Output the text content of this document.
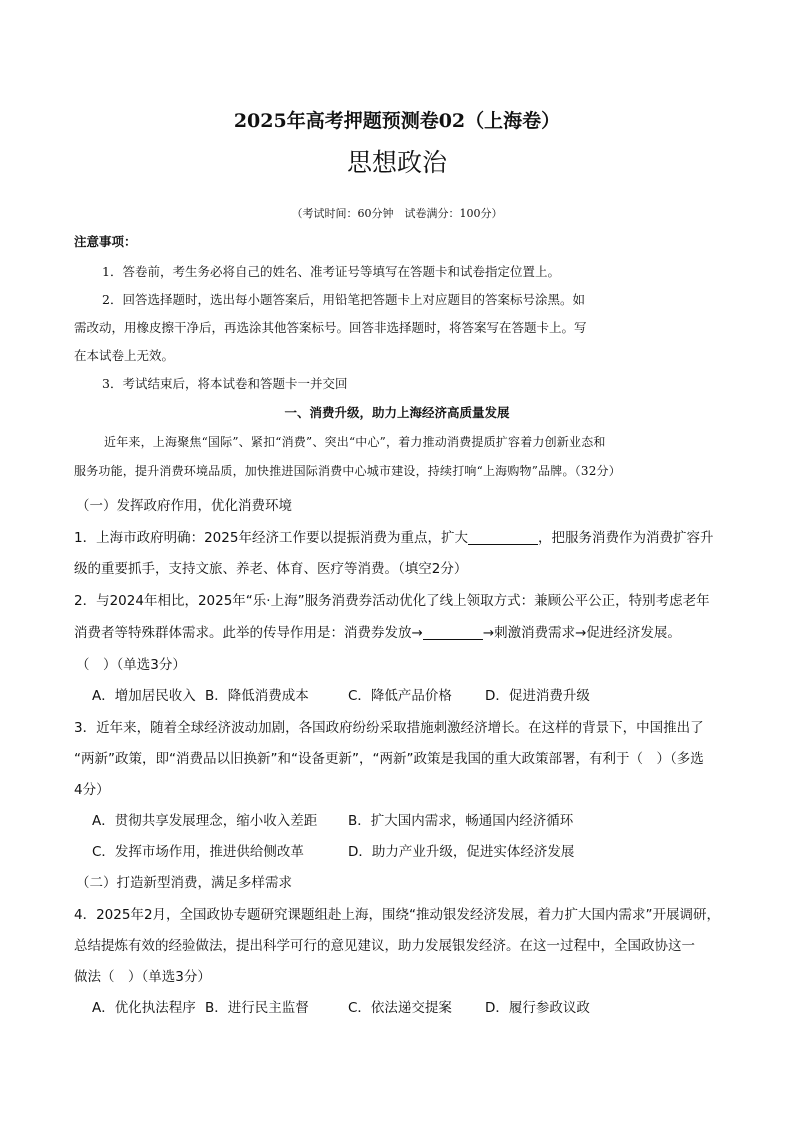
2025年高考押题预测卷02（上海卷）
思想政治
（考试时间：60分钟　试卷满分：100分）
注意事项：
1．答卷前，考生务必将自己的姓名、准考证号等填写在答题卡和试卷指定位置上。
2．回答选择题时，选出每小题答案后，用铅笔把答题卡上对应题目的答案标号涂黑。如
需改动，用橡皮擦干净后，再选涂其他答案标号。回答非选择题时，将答案写在答题卡上。写
在本试卷上无效。
3．考试结束后，将本试卷和答题卡一并交回
一、消费升级，助力上海经济高质量发展
近年来，上海聚焦“国际”、紧扣“消费”、突出“中心”，着力推动消费提质扩容着力创新业态和
服务功能，提升消费环境品质，加快推进国际消费中心城市建设，持续打响“上海购物”品牌。（32分）
（一）发挥政府作用，优化消费环境
1．上海市政府明确：2025年经济工作要以提振消费为重点，扩大	，把服务消费作为消费扩容升
级的重要抓手，支持文旅、养老、体育、医疗等消费。（填空2分）
2．与2024年相比，2025年“乐·上海”服务消费券活动优化了线上领取方式：兼顾公平公正，特别考虑老年
消费者等特殊群体需求。此举的传导作用是：消费券发放→	→刺激消费需求→促进经济发展。
（　）（单选3分）
A．增加居民收入 B．降低消费成本	C．降低产品价格 D．促进消费升级
3．近年来，随着全球经济波动加剧，各国政府纷纷采取措施刺激经济增长。在这样的背景下，中国推出了
“两新”政策，即“消费品以旧换新”和“设备更新”，“两新”政策是我国的重大政策部署，有利于（　）（多选
4分）
A．贯彻共享发展理念，缩小收入差距 B．扩大国内需求，畅通国内经济循环
C．发挥市场作用，推进供给侧改革	D．助力产业升级，促进实体经济发展
（二）打造新型消费，满足多样需求
4．2025年2月，全国政协专题研究课题组赴上海，围绕“推动银发经济发展，着力扩大国内需求”开展调研，
总结提炼有效的经验做法，提出科学可行的意见建议，助力发展银发经济。在这一过程中，全国政协这一
做法（　）（单选3分）
A．优化执法程序 B．进行民主监督	C．依法递交提案 D．履行参政议政
